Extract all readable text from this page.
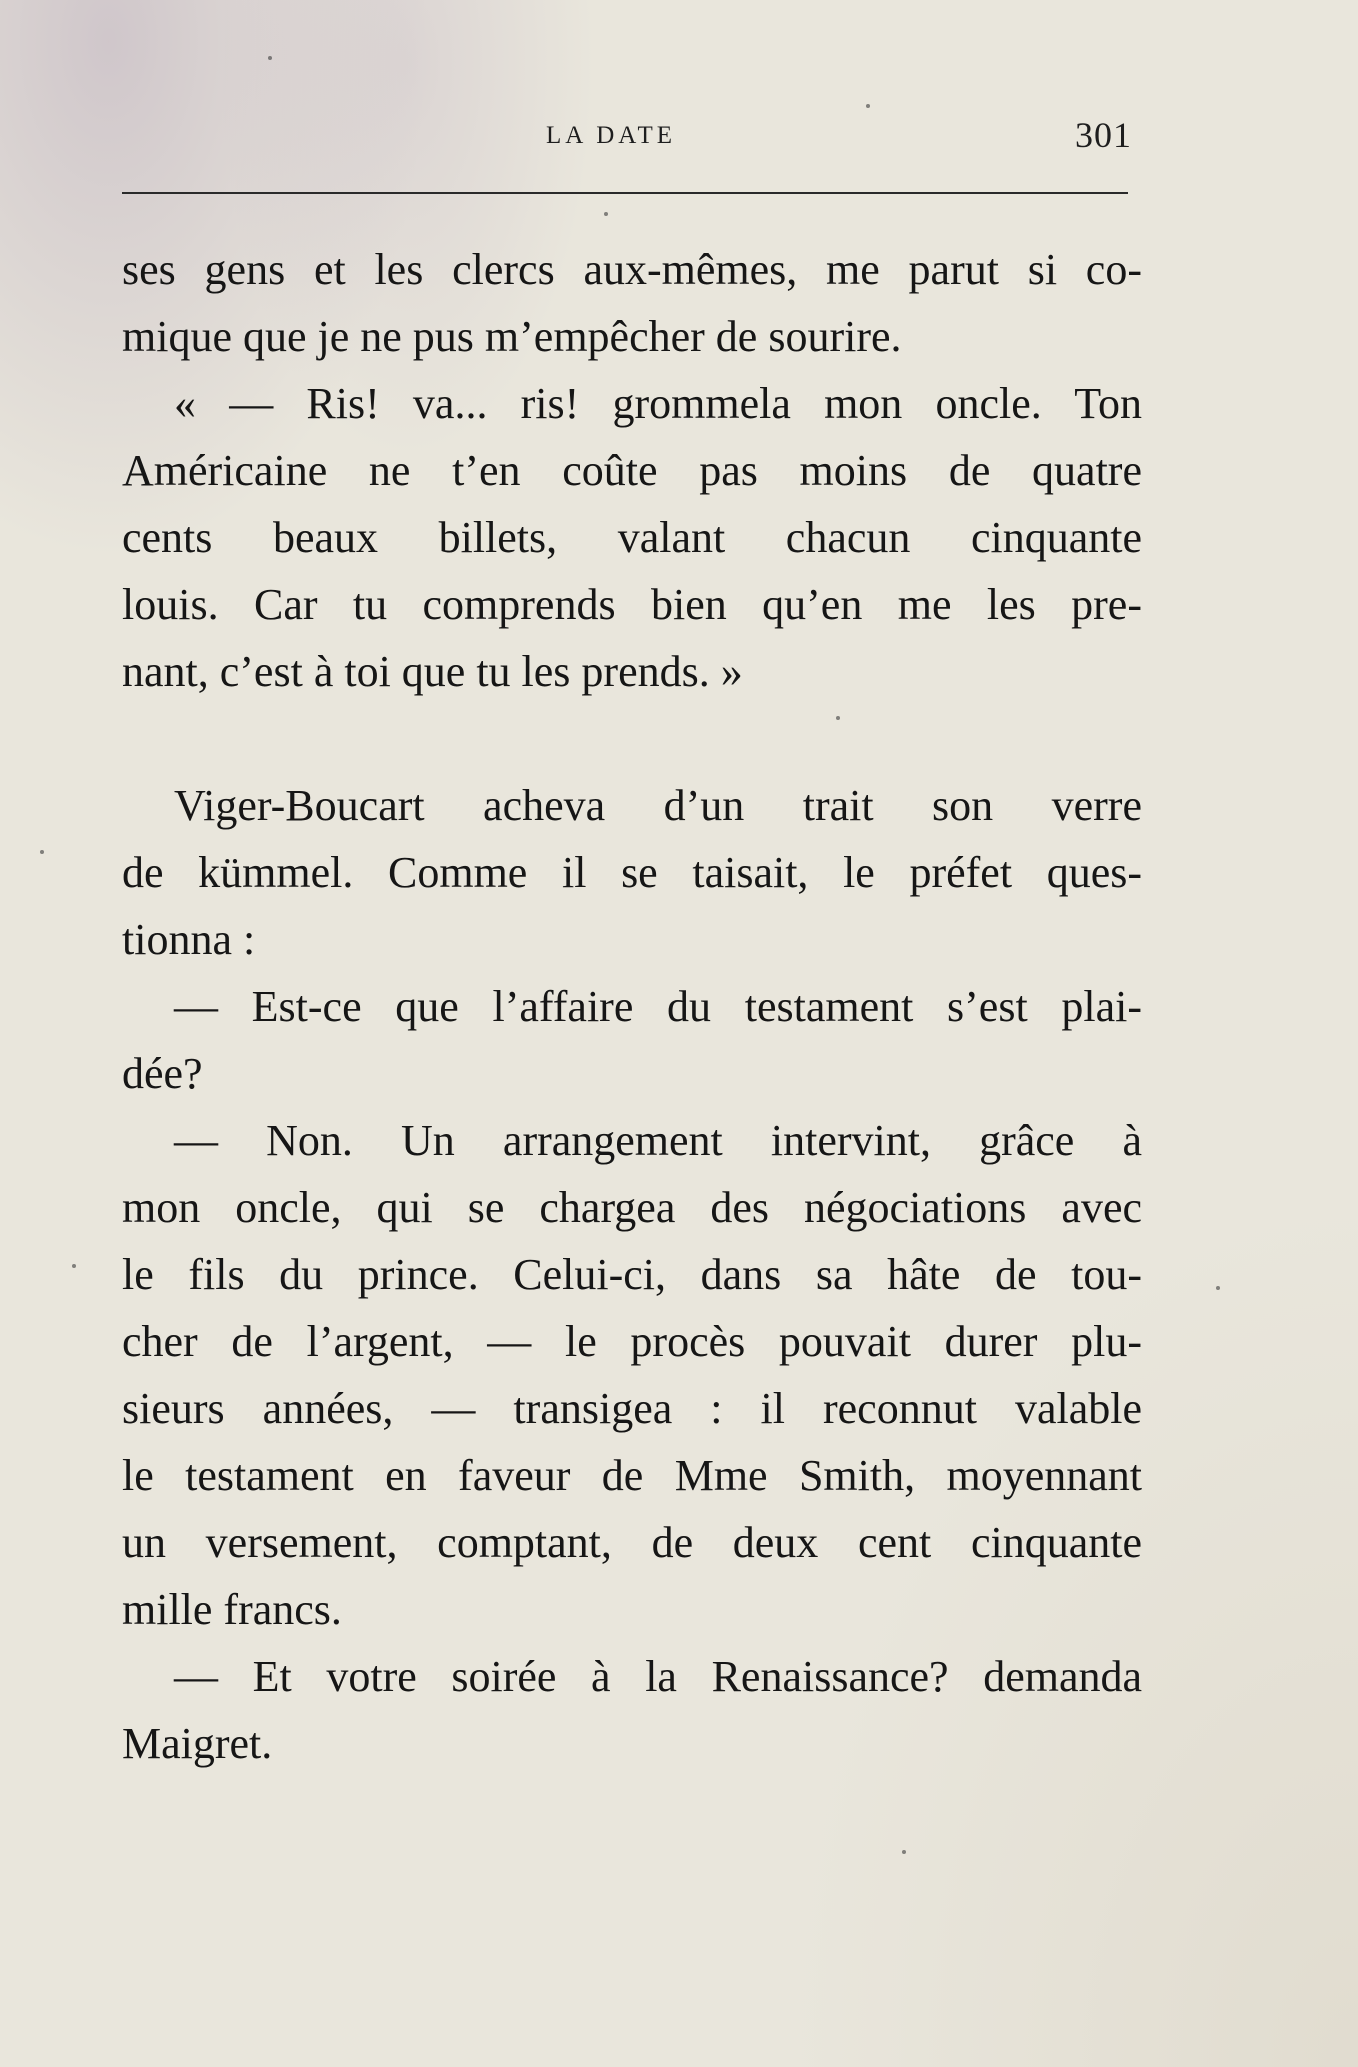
LA DATE	301
ses gens et les clercs aux-mêmes, me parut si co-
mique que je ne pus m’empêcher de sourire.
« — Ris! va... ris! grommela mon oncle. Ton
Américaine ne t’en coûte pas moins de quatre
cents beaux billets, valant chacun cinquante
louis. Car tu comprends bien qu’en me les pre-
nant, c’est à toi que tu les prends. »
Viger-Boucart acheva d’un trait son verre
de kümmel. Comme il se taisait, le préfet ques-
tionna :
— Est-ce que l’affaire du testament s’est plai-
dée?
— Non. Un arrangement intervint, grâce à
mon oncle, qui se chargea des négociations avec
le fils du prince. Celui-ci, dans sa hâte de tou-
cher de l’argent, — le procès pouvait durer plu-
sieurs années, — transigea : il reconnut valable
le testament en faveur de Mme Smith, moyennant
un versement, comptant, de deux cent cinquante
mille francs.
— Et votre soirée à la Renaissance? demanda
Maigret.
